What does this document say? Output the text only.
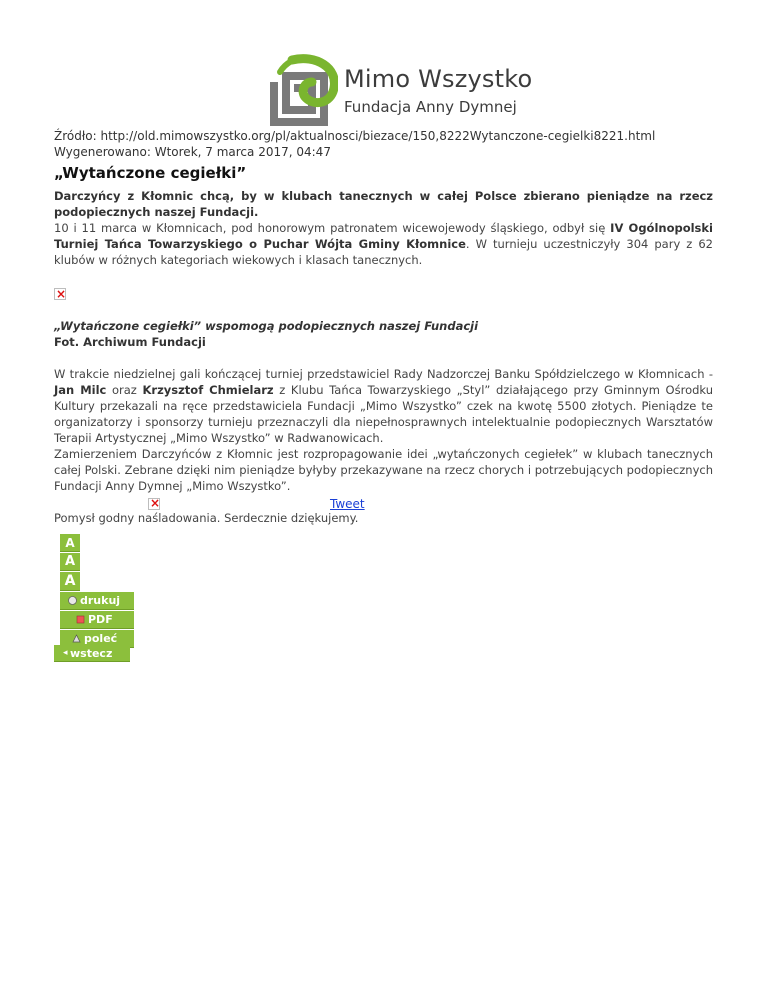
Mimo Wszystko
Fundacja Anny Dymnej
Źródło: http://old.mimowszystko.org/pl/aktualnosci/biezace/150,8222Wytanczone-cegielki8221.html
Wygenerowano: Wtorek, 7 marca 2017, 04:47
„Wytańczone cegiełki”

Darczyńcy z Kłomnic chcą, by w klubach tanecznych w całej Polsce zbierano pieniądze na rzecz podopiecznych naszej Fundacji.

10 i 11 marca w Kłomnicach, pod honorowym patronatem wicewojewody śląskiego, odbył się IV Ogólnopolski Turniej Tańca Towarzyskiego o Puchar Wójta Gminy Kłomnice. W turnieju uczestniczyły 304 pary z 62 klubów w różnych kategoriach wiekowych i klasach tanecznych.

×
„Wytańczone cegiełki” wspomogą podopiecznych naszej Fundacji
Fot. Archiwum Fundacji

W trakcie niedzielnej gali kończącej turniej przedstawiciel Rady Nadzorczej Banku Spółdzielczego w Kłomnicach - Jan Milc oraz Krzysztof Chmielarz z Klubu Tańca Towarzyskiego „Styl” działającego przy Gminnym Ośrodku Kultury przekazali na ręce przedstawiciela Fundacji „Mimo Wszystko” czek na kwotę 5500 złotych. Pieniądze te organizatorzy i sponsorzy turnieju przeznaczyli dla niepełnosprawnych intelektualnie podopiecznych Warsztatów Terapii Artystycznej „Mimo Wszystko” w Radwanowicach.

Zamierzeniem Darczyńców z Kłomnic jest rozpropagowanie idei „wytańczonych cegiełek” w klubach tanecznych całej Polski. Zebrane dzięki nim pieniądze byłyby przekazywane na rzecz chorych i potrzebujących podopiecznych Fundacji Anny Dymnej „Mimo Wszystko”.

Pomysł godny naśladowania. Serdecznie dziękujemy.

×
Tweet
A
A
A
drukuj
PDF
poleć
◂ wstecz
